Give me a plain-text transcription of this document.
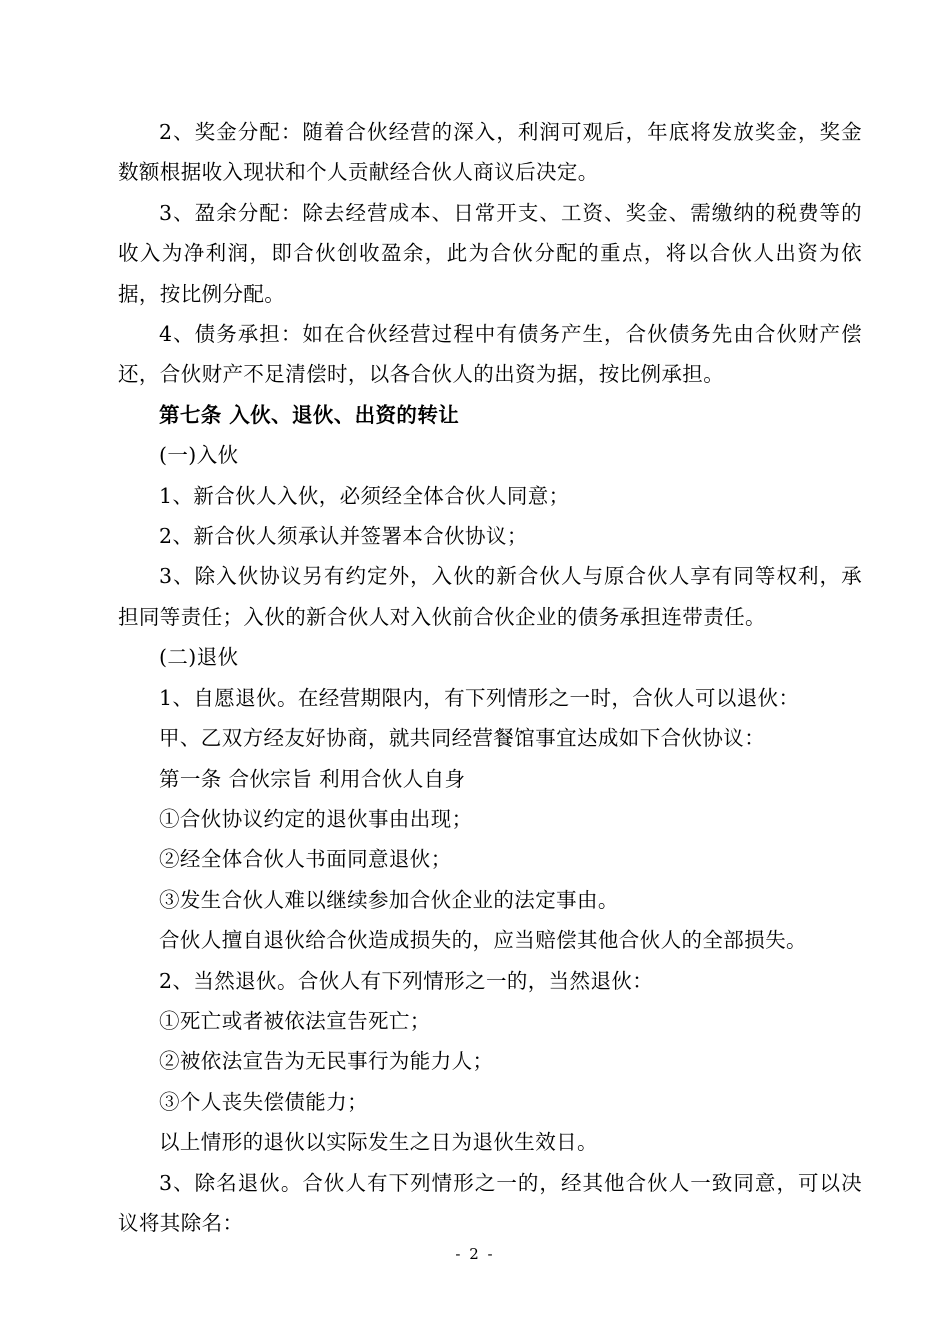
2、奖金分配：随着合伙经营的深入，利润可观后，年底将发放奖金，奖金数额根据收入现状和个人贡献经合伙人商议后决定。

3、盈余分配：除去经营成本、日常开支、工资、奖金、需缴纳的税费等的收入为净利润，即合伙创收盈余，此为合伙分配的重点，将以合伙人出资为依据，按比例分配。

4、债务承担：如在合伙经营过程中有债务产生，合伙债务先由合伙财产偿还，合伙财产不足清偿时，以各合伙人的出资为据，按比例承担。

第七条 入伙、退伙、出资的转让

(一)入伙

1、新合伙人入伙，必须经全体合伙人同意；

2、新合伙人须承认并签署本合伙协议；

3、除入伙协议另有约定外，入伙的新合伙人与原合伙人享有同等权利，承担同等责任；入伙的新合伙人对入伙前合伙企业的债务承担连带责任。

(二)退伙

1、自愿退伙。在经营期限内，有下列情形之一时，合伙人可以退伙：

甲、乙双方经友好协商，就共同经营餐馆事宜达成如下合伙协议：

第一条 合伙宗旨 利用合伙人自身

①合伙协议约定的退伙事由出现；

②经全体合伙人书面同意退伙；

③发生合伙人难以继续参加合伙企业的法定事由。

合伙人擅自退伙给合伙造成损失的，应当赔偿其他合伙人的全部损失。

2、当然退伙。合伙人有下列情形之一的，当然退伙：

①死亡或者被依法宣告死亡；

②被依法宣告为无民事行为能力人；

③个人丧失偿债能力；

以上情形的退伙以实际发生之日为退伙生效日。

3、除名退伙。合伙人有下列情形之一的，经其他合伙人一致同意，可以决议将其除名：

- 2 -
